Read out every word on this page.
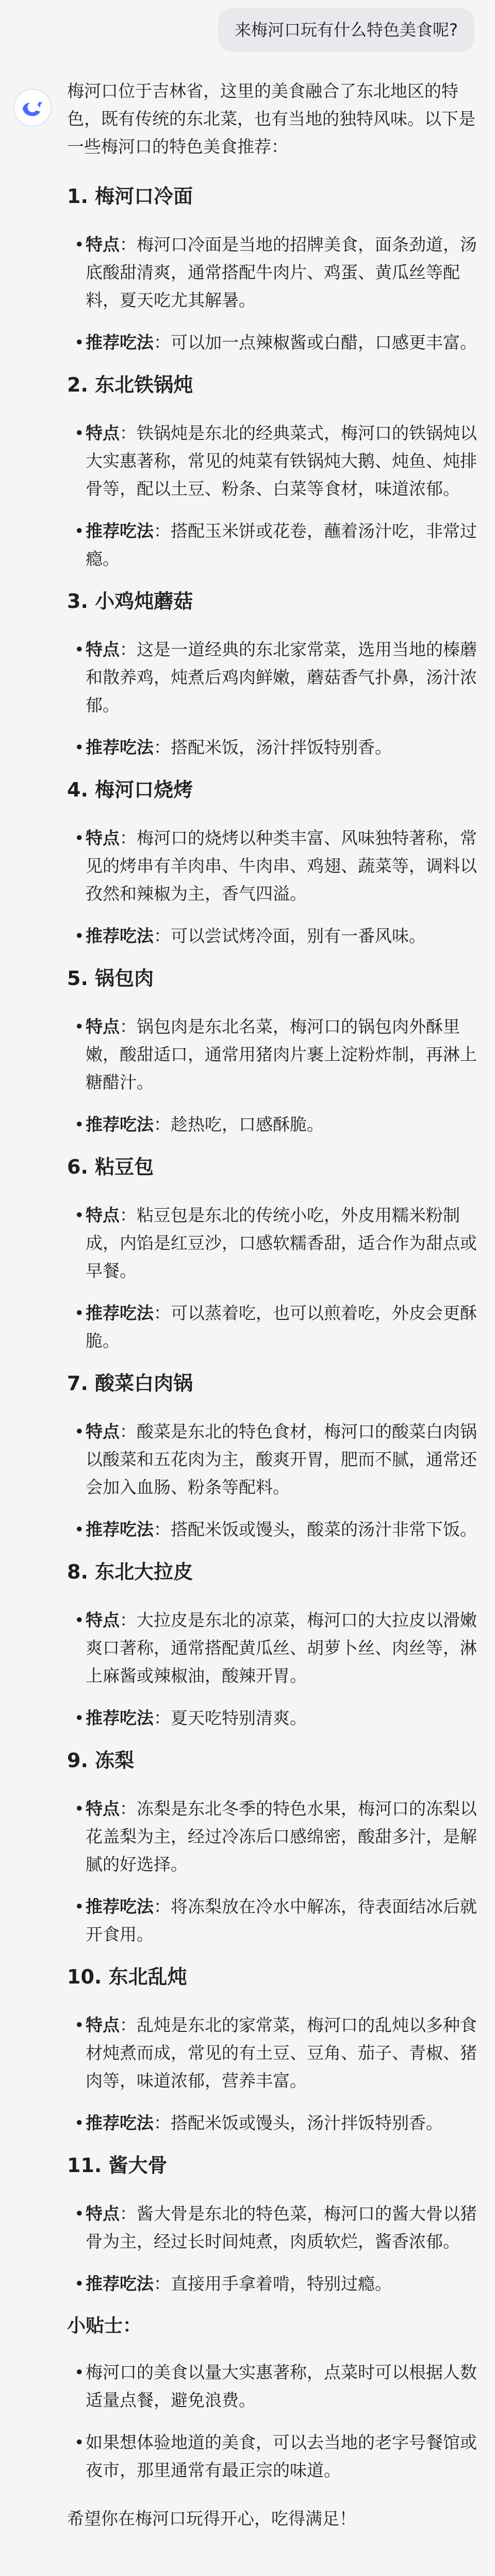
来梅河口玩有什么特色美食呢?

梅河口位于吉林省，这里的美食融合了东北地区的特色，既有传统的东北菜，也有当地的独特风味。以下是一些梅河口的特色美食推荐：

1. 梅河口冷面
• 特点：梅河口冷面是当地的招牌美食，面条劲道，汤底酸甜清爽，通常搭配牛肉片、鸡蛋、黄瓜丝等配料，夏天吃尤其解暑。
• 推荐吃法：可以加一点辣椒酱或白醋，口感更丰富。
2. 东北铁锅炖
• 特点：铁锅炖是东北的经典菜式，梅河口的铁锅炖以大实惠著称，常见的炖菜有铁锅炖大鹅、炖鱼、炖排骨等，配以土豆、粉条、白菜等食材，味道浓郁。
• 推荐吃法：搭配玉米饼或花卷，蘸着汤汁吃，非常过瘾。
3. 小鸡炖蘑菇
• 特点：这是一道经典的东北家常菜，选用当地的榛蘑和散养鸡，炖煮后鸡肉鲜嫩，蘑菇香气扑鼻，汤汁浓郁。
• 推荐吃法：搭配米饭，汤汁拌饭特别香。
4. 梅河口烧烤
• 特点：梅河口的烧烤以种类丰富、风味独特著称，常见的烤串有羊肉串、牛肉串、鸡翅、蔬菜等，调料以孜然和辣椒为主，香气四溢。
• 推荐吃法：可以尝试烤冷面，别有一番风味。
5. 锅包肉
• 特点：锅包肉是东北名菜，梅河口的锅包肉外酥里嫩，酸甜适口，通常用猪肉片裹上淀粉炸制，再淋上糖醋汁。
• 推荐吃法：趁热吃，口感酥脆。
6. 粘豆包
• 特点：粘豆包是东北的传统小吃，外皮用糯米粉制成，内馅是红豆沙，口感软糯香甜，适合作为甜点或早餐。
• 推荐吃法：可以蒸着吃，也可以煎着吃，外皮会更酥脆。
7. 酸菜白肉锅
• 特点：酸菜是东北的特色食材，梅河口的酸菜白肉锅以酸菜和五花肉为主，酸爽开胃，肥而不腻，通常还会加入血肠、粉条等配料。
• 推荐吃法：搭配米饭或馒头，酸菜的汤汁非常下饭。
8. 东北大拉皮
• 特点：大拉皮是东北的凉菜，梅河口的大拉皮以滑嫩爽口著称，通常搭配黄瓜丝、胡萝卜丝、肉丝等，淋上麻酱或辣椒油，酸辣开胃。
• 推荐吃法：夏天吃特别清爽。
9. 冻梨
• 特点：冻梨是东北冬季的特色水果，梅河口的冻梨以花盖梨为主，经过冷冻后口感绵密，酸甜多汁，是解腻的好选择。
• 推荐吃法：将冻梨放在冷水中解冻，待表面结冰后就开食用。
10. 东北乱炖
• 特点：乱炖是东北的家常菜，梅河口的乱炖以多种食材炖煮而成，常见的有土豆、豆角、茄子、青椒、猪肉等，味道浓郁，营养丰富。
• 推荐吃法：搭配米饭或馒头，汤汁拌饭特别香。
11. 酱大骨
• 特点：酱大骨是东北的特色菜，梅河口的酱大骨以猪骨为主，经过长时间炖煮，肉质软烂，酱香浓郁。
• 推荐吃法：直接用手拿着啃，特别过瘾。
小贴士：
• 梅河口的美食以量大实惠著称，点菜时可以根据人数适量点餐，避免浪费。
• 如果想体验地道的美食，可以去当地的老字号餐馆或夜市，那里通常有最正宗的味道。

希望你在梅河口玩得开心，吃得满足！
